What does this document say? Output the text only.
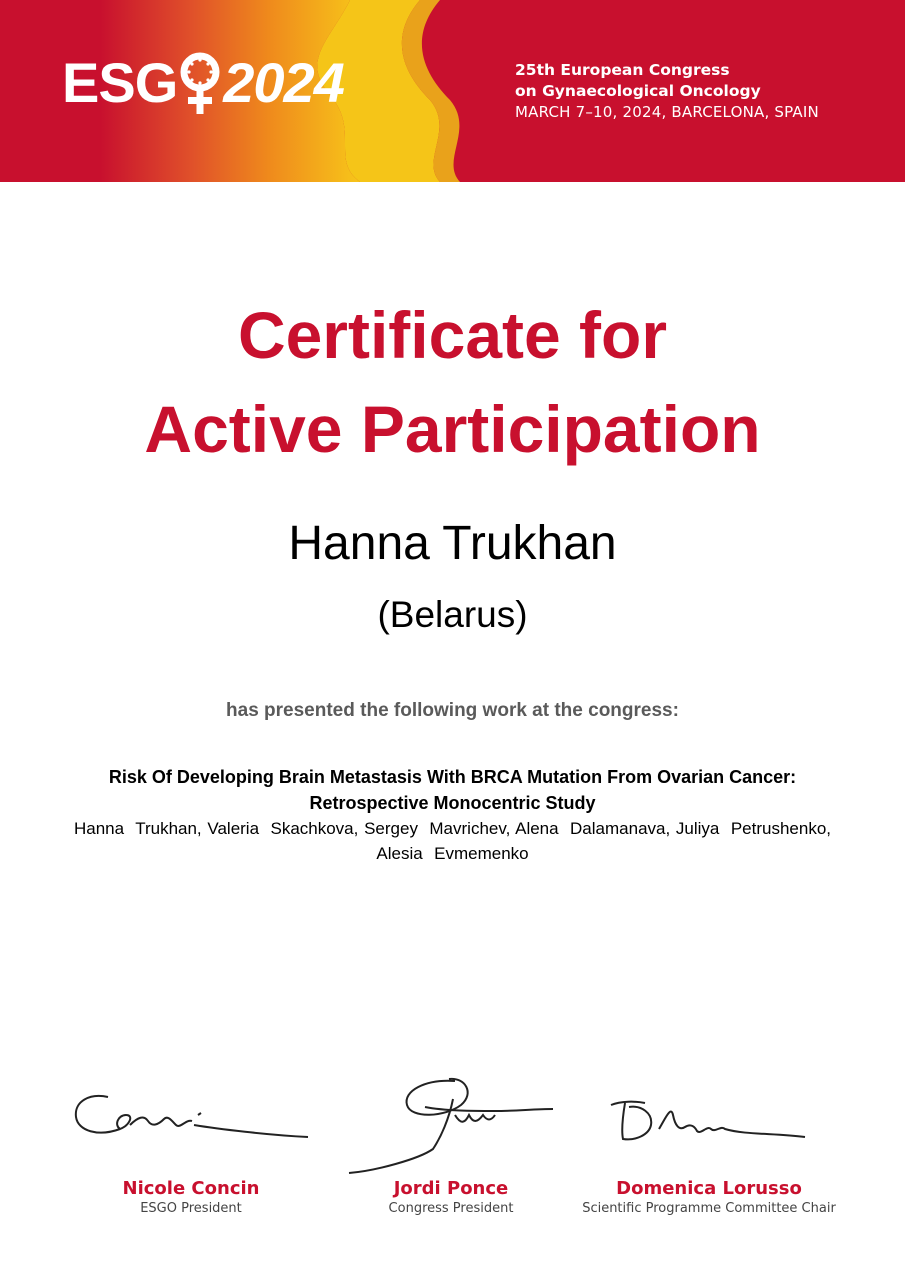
ESG 2024	25th European Congress
on Gynaecological Oncology
MARCH 7–10, 2024, BARCELONA, SPAIN
Certificate for
Active Participation
Hanna Trukhan
(Belarus)
has presented the following work at the congress:
Risk Of Developing Brain Metastasis With BRCA Mutation From Ovarian Cancer: Retrospective Monocentric Study
Hanna  Trukhan, Valeria  Skachkova, Sergey  Mavrichev, Alena  Dalamanava, Juliya  Petrushenko, Alesia  Evmemenko
Nicole Concin
ESGO President
Jordi Ponce
Congress President
Domenica Lorusso
Scientific Programme Committee Chair
